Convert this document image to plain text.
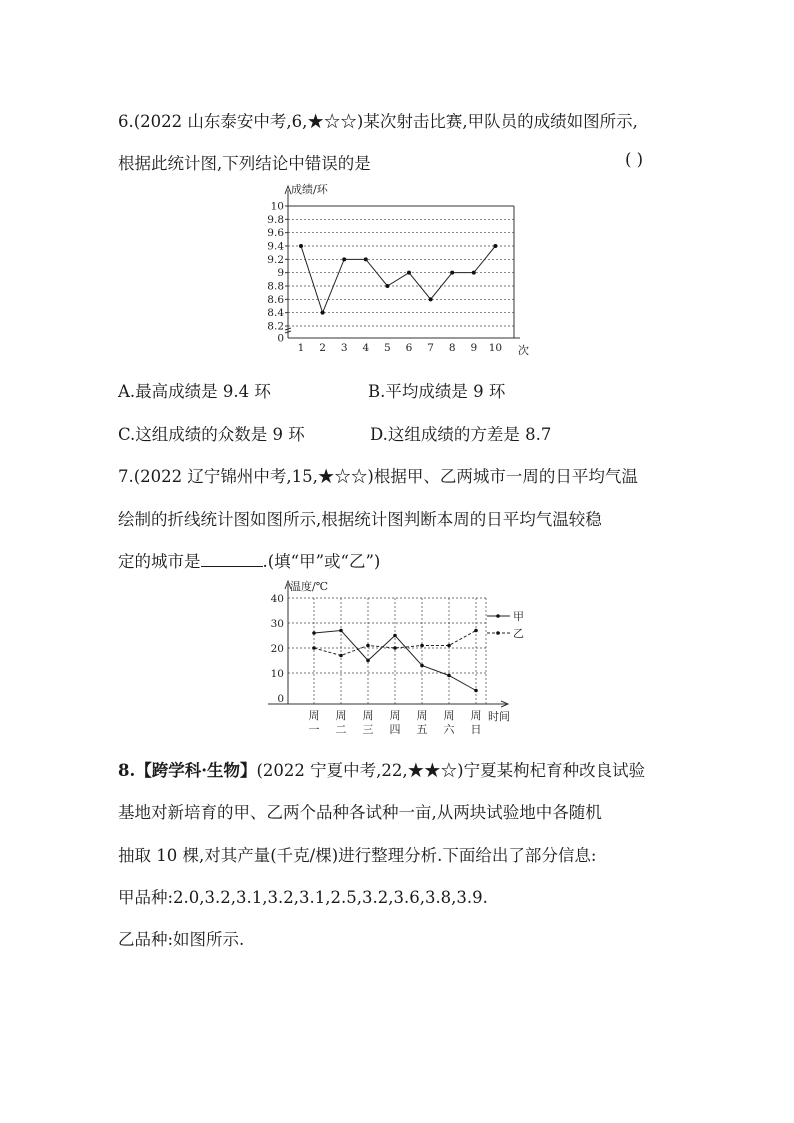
6.(2022 山东泰安中考,6,★☆☆)某次射击比赛,甲队员的成绩如图所示,
根据此统计图,下列结论中错误的是	( )
10
9.8
9.6
9.4
9.2
9
8.8
8.6
8.4
8.2
0
成绩/环
次
1 2 3 4 5 6 7 8 9 10
A.最高成绩是 9.4 环	B.平均成绩是 9 环
C.这组成绩的众数是 9 环	D.这组成绩的方差是 8.7
7.(2022 辽宁锦州中考,15,★☆☆)根据甲、乙两城市一周的日平均气温
绘制的折线统计图如图所示,根据统计图判断本周的日平均气温较稳
定的城市是	.(填“甲”或“乙”)
40
30
20
10
0
温度/℃
时间
周 周 周 周 周 周 周
一 二 三 四 五 六 日
甲
乙
8.【跨学科·生物】(2022 宁夏中考,22,★★☆)宁夏某枸杞育种改良试验
基地对新培育的甲、乙两个品种各试种一亩,从两块试验地中各随机
抽取 10 棵,对其产量(千克/棵)进行整理分析.下面给出了部分信息:
甲品种:2.0,3.2,3.1,3.2,3.1,2.5,3.2,3.6,3.8,3.9.
乙品种:如图所示.
